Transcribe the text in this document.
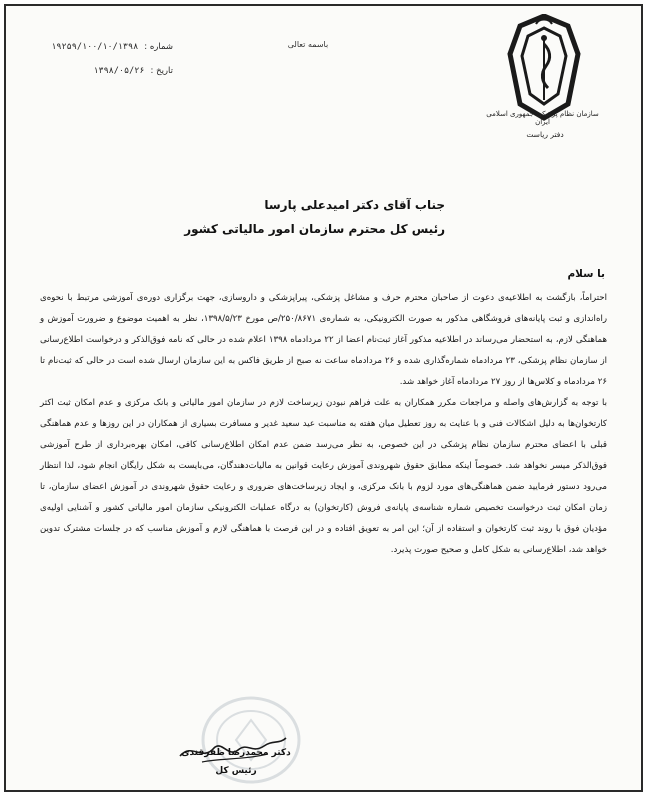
سازمان نظام پزشکی جمهوری اسلامی ایران
دفتر ریاست
باسمه تعالی
شماره :
۱۹۲۵۹/۱۰۰/۱۰/۱۳۹۸
تاریخ :
۱۳۹۸/۰۵/۲۶
جناب آقای دکتر امیدعلی پارسا
رئیس کل محترم سازمان امور مالیاتی کشور
با سلام

احتراماً، بازگشت به اطلاعیه‌ی دعوت از صاحبان محترم حرف و مشاغل پزشکی، پیراپزشکی و داروسازی، جهت برگزاری دوره‌ی آموزشی مرتبط با نحوه‌ی راه‌اندازی و ثبت پایانه‌های فروشگاهی مذکور به صورت الکترونیکی، به شماره‌ی ۲۵۰/۸۶۷۱/ص مورخ ۱۳۹۸/۵/۲۳، نظر به اهمیت موضوع و ضرورت آموزش و هماهنگی لازم، به استحضار می‌رساند در اطلاعیه مذکور آغاز ثبت‌نام اعضا از ۲۲ مردادماه ۱۳۹۸ اعلام شده در حالی که نامه فوق‌الذکر و درخواست اطلاع‌رسانی از سازمان نظام پزشکی، ۲۳ مردادماه شماره‌گذاری شده و ۲۶ مردادماه ساعت نه صبح از طریق فاکس به این سازمان ارسال شده است در حالی که ثبت‌نام تا ۲۶ مردادماه و کلاس‌ها از روز ۲۷ مردادماه آغاز خواهد شد.

با توجه به گزارش‌های واصله و مراجعات مکرر همکاران به علت فراهم نبودن زیرساخت لازم در سازمان امور مالیاتی و بانک مرکزی و عدم امکان ثبت اکثر کارتخوان‌ها به دلیل اشکالات فنی و با عنایت به روز تعطیل میان هفته به مناسبت عید سعید غدیر و مسافرت بسیاری از همکاران در این روزها و عدم هماهنگی قبلی با اعضای محترم سازمان نظام پزشکی در این خصوص، به نظر می‌رسد ضمن عدم امکان اطلاع‌رسانی کافی، امکان بهره‌برداری از طرح آموزشی فوق‌الذکر میسر نخواهد شد. خصوصاً اینکه مطابق حقوق شهروندی آموزش رعایت قوانین به مالیات‌دهندگان، می‌بایست به شکل رایگان انجام شود، لذا انتظار می‌رود دستور فرمایید ضمن هماهنگی‌های مورد لزوم با بانک مرکزی، و ایجاد زیرساخت‌های ضروری و رعایت حقوق شهروندی در آموزش اعضای سازمان، تا زمان امکان ثبت درخواست تخصیص شماره شناسه‌ی پایانه‌ی فروش (کارتخوان) به درگاه عملیات الکترونیکی سازمان امور مالیاتی کشور و آشنایی اولیه‌ی مؤدیان فوق با روند ثبت کارتخوان و استفاده از آن؛ این امر به تعویق افتاده و در این فرصت با هماهنگی لازم و آموزش مناسب که در جلسات مشترک تدوین خواهد شد، اطلاع‌رسانی به شکل کامل و صحیح صورت پذیرد.

دکتر محمدرضا ظفرقندی
رئیس کل
